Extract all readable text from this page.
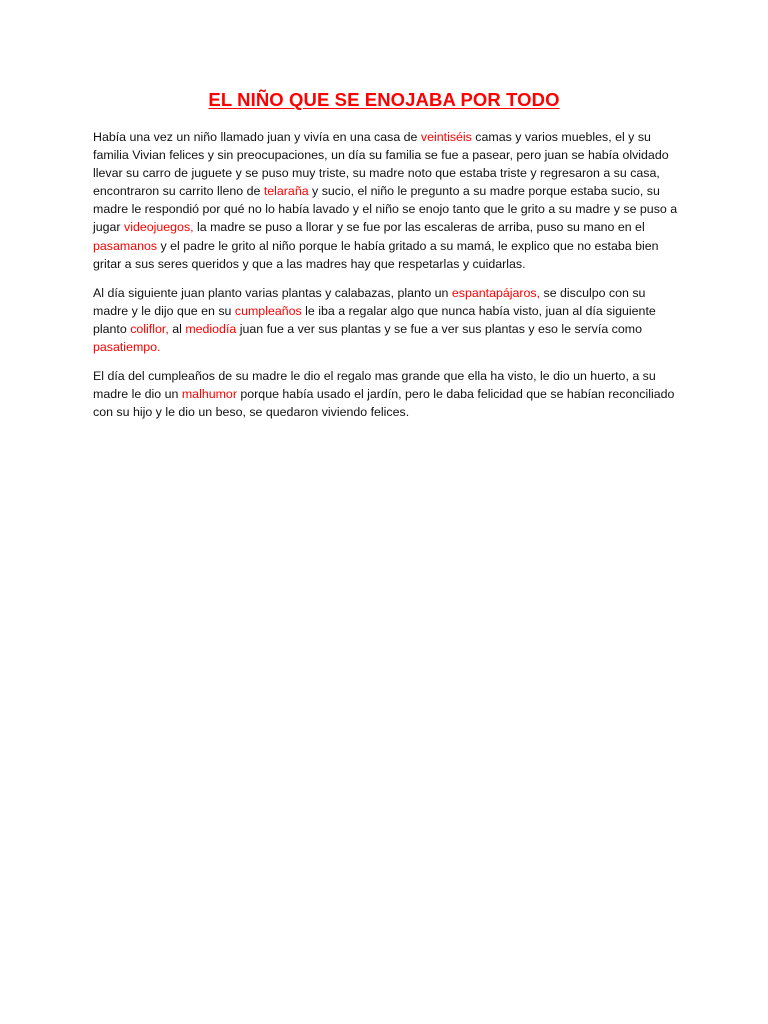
EL NIÑO QUE SE ENOJABA POR TODO

Había una vez un niño llamado juan y vivía en una casa de veintiséis camas y varios muebles, el y su familia Vivian felices y sin preocupaciones, un día su familia se fue a pasear, pero juan se había olvidado llevar su carro de juguete y se puso muy triste, su madre noto que estaba triste y regresaron a su casa, encontraron su carrito lleno de telaraña y sucio, el niño le pregunto a su madre porque estaba sucio, su madre le respondió por qué no lo había lavado y el niño se enojo tanto que le grito a su madre y se puso a jugar videojuegos, la madre se puso a llorar y se fue por las escaleras de arriba, puso su mano en el pasamanos y el padre le grito al niño porque le había gritado a su mamá, le explico que no estaba bien gritar a sus seres queridos y que a las madres hay que respetarlas y cuidarlas.

Al día siguiente juan planto varias plantas y calabazas, planto un espantapájaros, se disculpo con su madre y le dijo que en su cumpleaños le iba a regalar algo que nunca había visto, juan al día siguiente planto coliflor, al mediodía juan fue a ver sus plantas y se fue a ver sus plantas y eso le servía como pasatiempo.

El día del cumpleaños de su madre le dio el regalo mas grande que ella ha visto, le dio un huerto, a su madre le dio un malhumor porque había usado el jardín, pero le daba felicidad que se habían reconciliado con su hijo y le dio un beso, se quedaron viviendo felices.
